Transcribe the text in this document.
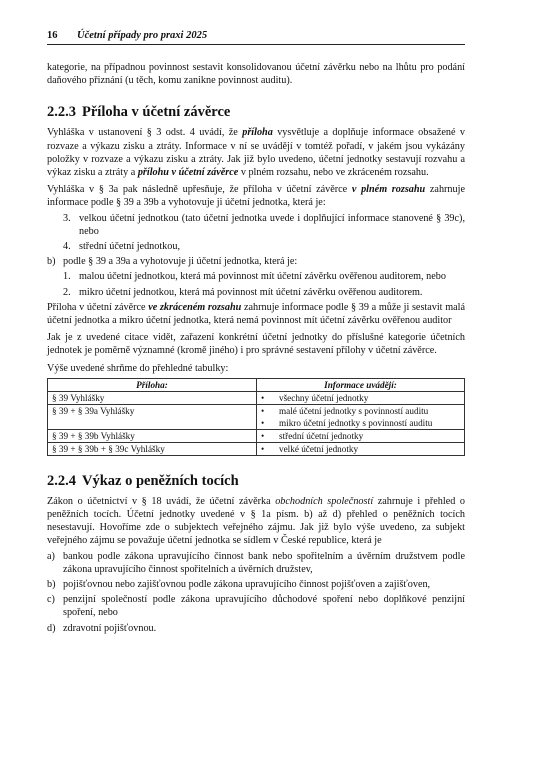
16	Účetní případy pro praxi 2025

kategorie, na případnou povinnost sestavit konsolidovanou účetní závěrku nebo na lhůtu pro podání daňového přiznání (u těch, komu zanikne povinnost auditu).

2.2.3 Příloha v účetní závěrce

Vyhláška v ustanovení § 3 odst. 4 uvádí, že příloha vysvětluje a doplňuje informace obsažené v rozvaze a výkazu zisku a ztráty. Informace v ní se uvádějí v tomtéž pořadí, v jakém jsou vykázány položky v rozvaze a výkazu zisku a ztráty. Jak již bylo uvedeno, účetní jednotky sestavují rozvahu a výkaz zisku a ztráty a přílohu v účetní závěrce v plném rozsahu, nebo ve zkráceném rozsahu.

Vyhláška v § 3a pak následně upřesňuje, že příloha v účetní závěrce v plném rozsahu zahrnuje informace podle § 39 a 39b a vyhotovuje ji účetní jednotka, která je:

3. velkou účetní jednotkou (tato účetní jednotka uvede i doplňující informace stanovené § 39c), nebo
4. střední účetní jednotkou,
b) podle § 39 a 39a a vyhotovuje ji účetní jednotka, která je:
1. malou účetní jednotkou, která má povinnost mít účetní závěrku ověřenou auditorem, nebo
2. mikro účetní jednotkou, která má povinnost mít účetní závěrku ověřenou auditorem.

Příloha v účetní závěrce ve zkráceném rozsahu zahrnuje informace podle § 39 a může ji sestavit malá účetní jednotka a mikro účetní jednotka, která nemá povinnost mít účetní závěrku ověřenou auditor

Jak je z uvedené citace vidět, zařazení konkrétní účetní jednotky do příslušné kategorie účetních jednotek je poměrně významné (kromě jiného) i pro správné sestavení přílohy v účetní závěrce.

Výše uvedené shrňme do přehledné tabulky:

Příloha:	Informace uvádějí:
§ 39 Vyhlášky	• všechny účetní jednotky

§ 39 + § 39a Vyhlášky	• malé účetní jednotky s povinností auditu
• mikro účetní jednotky s povinností auditu

§ 39 + § 39b Vyhlášky	• střední účetní jednotky

§ 39 + § 39b + § 39c Vyhlášky	• velké účetní jednotky
2.2.4 Výkaz o peněžních tocích

Zákon o účetnictví v § 18 uvádí, že účetní závěrka obchodních společností zahrnuje i přehled o peněžních tocích. Účetní jednotky uvedené v § 1a písm. b) až d) přehled o peněžních tocích nesestavují. Hovoříme zde o subjektech veřejného zájmu. Jak již bylo výše uvedeno, za subjekt veřejného zájmu se považuje účetní jednotka se sídlem v České republice, která je

a) bankou podle zákona upravujícího činnost bank nebo spořitelním a úvěrním družstvem podle zákona upravujícího činnost spořitelních a úvěrních družstev,
b) pojišťovnou nebo zajišťovnou podle zákona upravujícího činnost pojišťoven a zajišťoven,
c) penzijní společností podle zákona upravujícího důchodové spoření nebo doplňkové penzijní spoření, nebo
d) zdravotní pojišťovnou.
